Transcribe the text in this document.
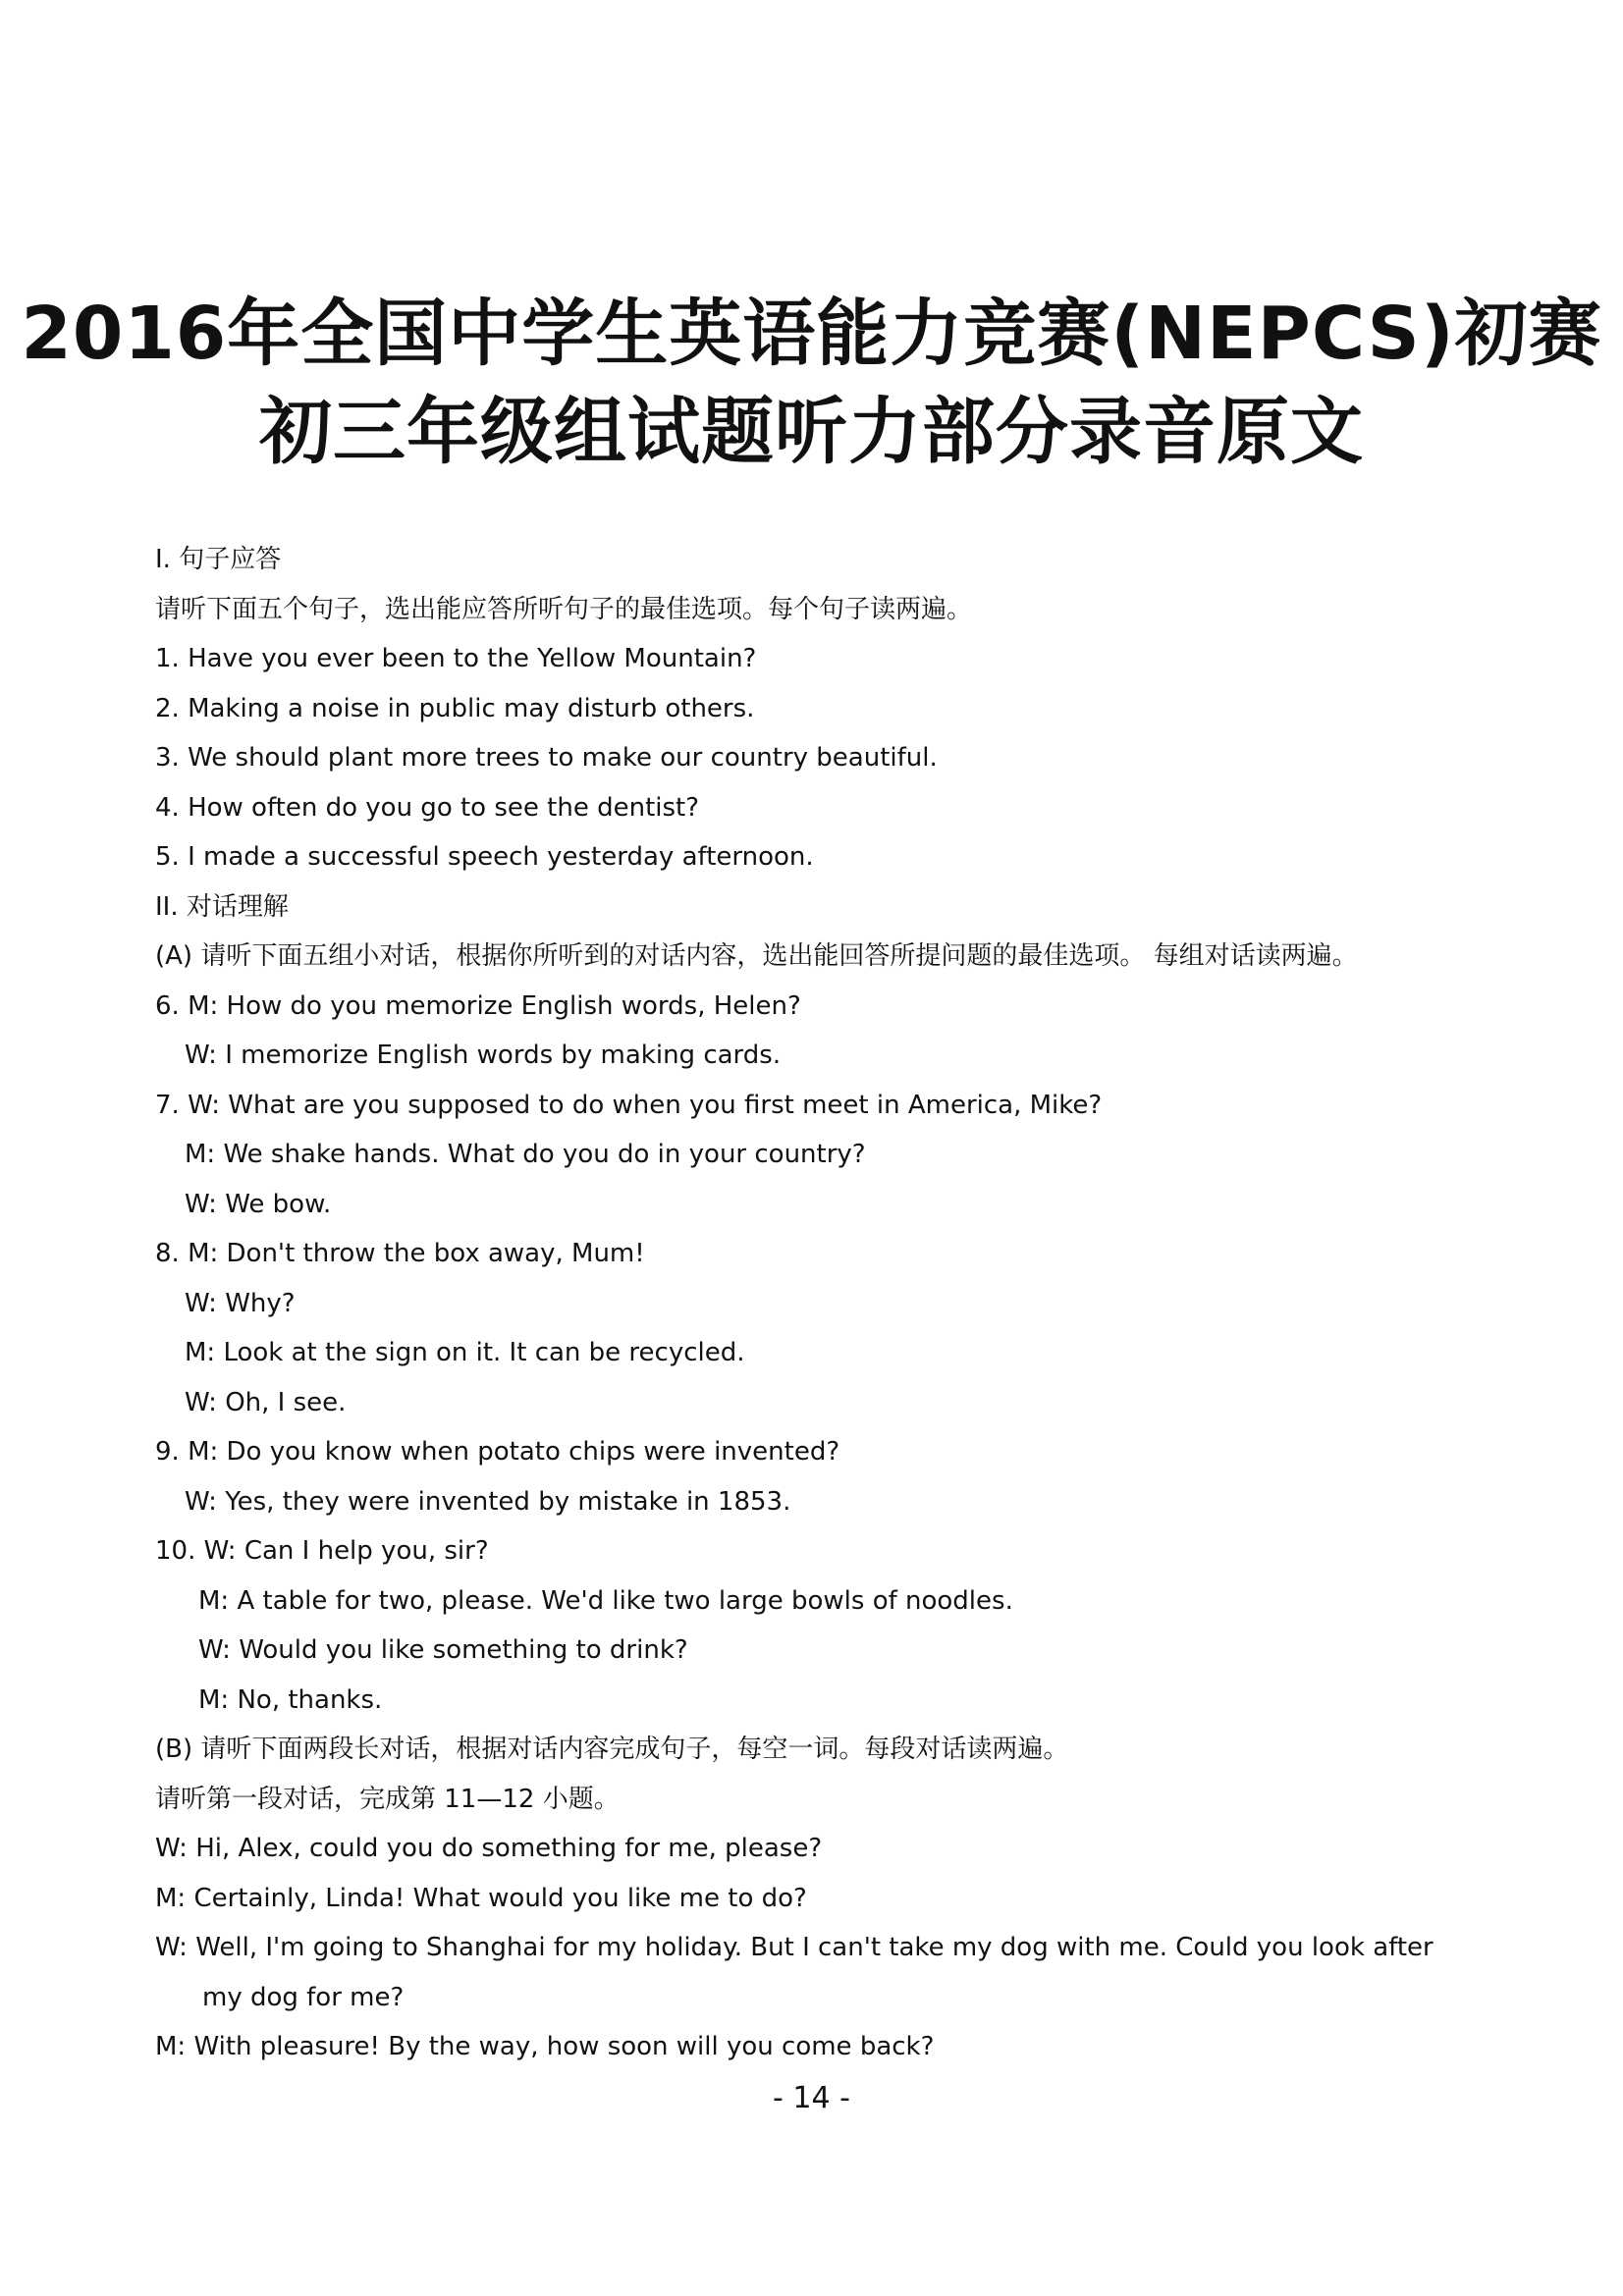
2016年全国中学生英语能力竞赛(NEPCS)初赛
初三年级组试题听力部分录音原文
I. 句子应答
请听下面五个句子，选出能应答所听句子的最佳选项。每个句子读两遍。
1. Have you ever been to the Yellow Mountain?
2. Making a noise in public may disturb others.
3. We should plant more trees to make our country beautiful.
4. How often do you go to see the dentist?
5. I made a successful speech yesterday afternoon.
II. 对话理解
(A) 请听下面五组小对话，根据你所听到的对话内容，选出能回答所提问题的最佳选项。 每组对话读两遍。
6. M: How do you memorize English words, Helen?
W: I memorize English words by making cards.
7. W: What are you supposed to do when you first meet in America, Mike?
M: We shake hands. What do you do in your country?
W: We bow.
8. M: Don't throw the box away, Mum!
W: Why?
M: Look at the sign on it. It can be recycled.
W: Oh, I see.
9. M: Do you know when potato chips were invented?
W: Yes, they were invented by mistake in 1853.
10. W: Can I help you, sir?
M: A table for two, please. We'd like two large bowls of noodles.
W: Would you like something to drink?
M: No, thanks.
(B) 请听下面两段长对话，根据对话内容完成句子，每空一词。每段对话读两遍。
请听第一段对话，完成第 11—12 小题。
W: Hi, Alex, could you do something for me, please?
M: Certainly, Linda! What would you like me to do?
W: Well, I'm going to Shanghai for my holiday. But I can't take my dog with me. Could you look after my dog for me?
M: With pleasure! By the way, how soon will you come back?
- 14 -
